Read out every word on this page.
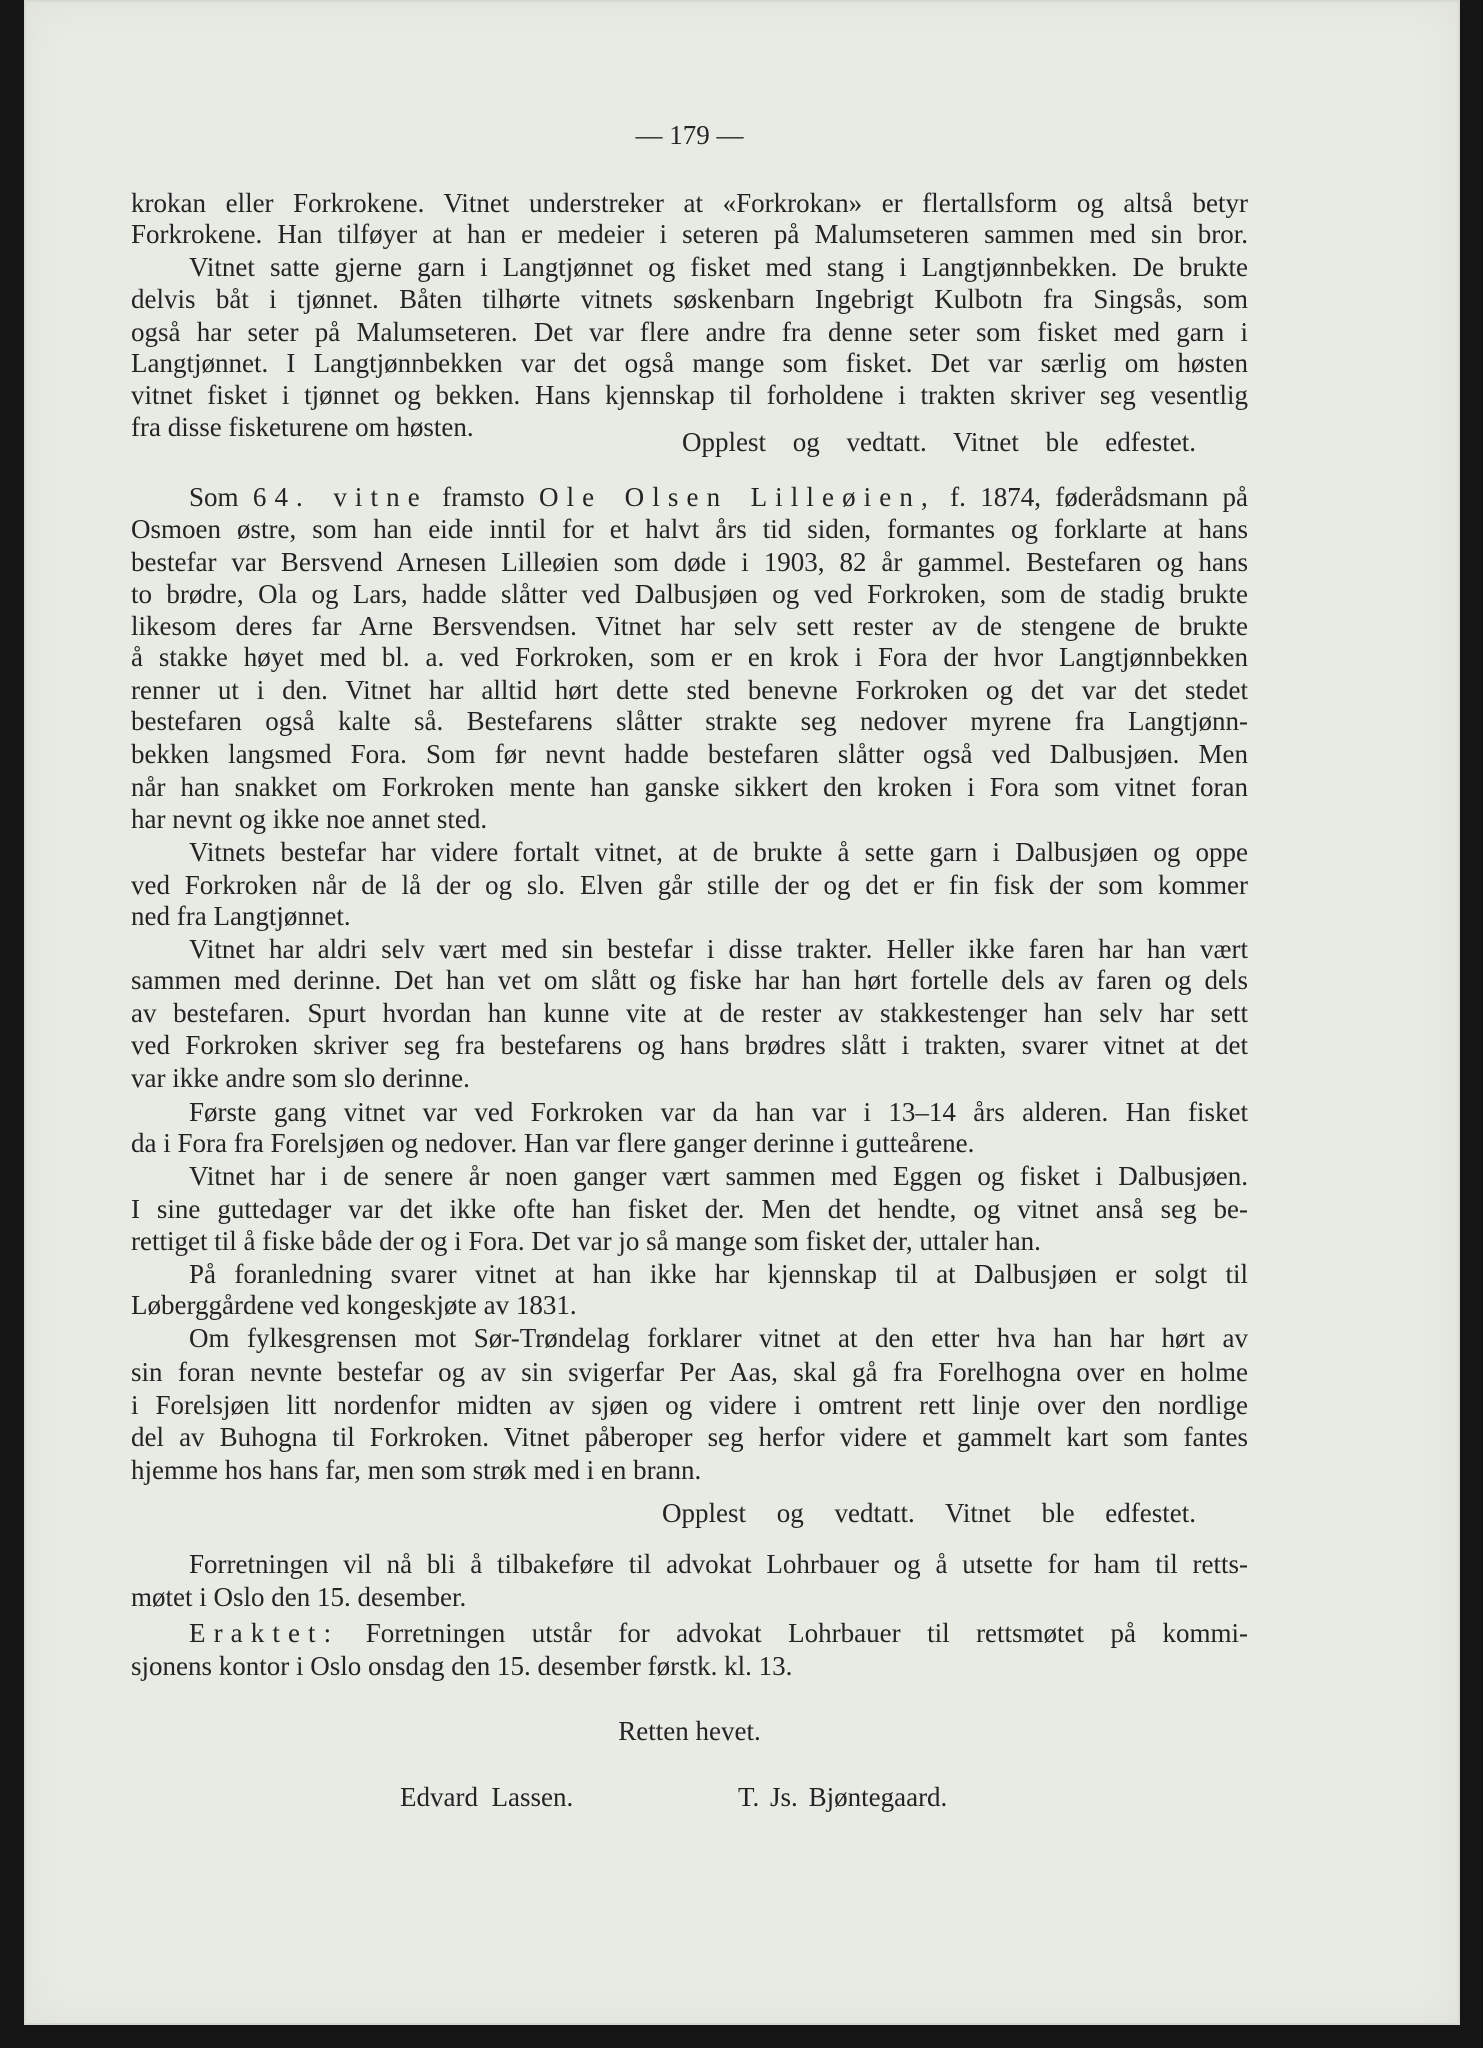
— 179 —
krokan eller Forkrokene. Vitnet understreker at «Forkrokan» er flertallsform og altså betyr
Forkrokene. Han tilføyer at han er medeier i seteren på Malumseteren sammen med sin bror.
Vitnet satte gjerne garn i Langtjønnet og fisket med stang i Langtjønnbekken. De brukte
delvis båt i tjønnet. Båten tilhørte vitnets søskenbarn Ingebrigt Kulbotn fra Singsås, som
også har seter på Malumseteren. Det var flere andre fra denne seter som fisket med garn i
Langtjønnet. I Langtjønnbekken var det også mange som fisket. Det var særlig om høsten
vitnet fisket i tjønnet og bekken. Hans kjennskap til forholdene i trakten skriver seg vesentlig
fra disse fisketurene om høsten.	Opplest og vedtatt. Vitnet ble edfestet.
Som 64. vitne framsto Ole Olsen Lilleøien, f. 1874, føderådsmann på
Osmoen østre, som han eide inntil for et halvt års tid siden, formantes og forklarte at hans
bestefar var Bersvend Arnesen Lilleøien som døde i 1903, 82 år gammel. Bestefaren og hans
to brødre, Ola og Lars, hadde slåtter ved Dalbusjøen og ved Forkroken, som de stadig brukte
likesom deres far Arne Bersvendsen. Vitnet har selv sett rester av de stengene de brukte
å stakke høyet med bl. a. ved Forkroken, som er en krok i Fora der hvor Langtjønnbekken
renner ut i den. Vitnet har alltid hørt dette sted benevne Forkroken og det var det stedet
bestefaren også kalte så. Bestefarens slåtter strakte seg nedover myrene fra Langtjønn-
bekken langsmed Fora. Som før nevnt hadde bestefaren slåtter også ved Dalbusjøen. Men
når han snakket om Forkroken mente han ganske sikkert den kroken i Fora som vitnet foran
har nevnt og ikke noe annet sted.
Vitnets bestefar har videre fortalt vitnet, at de brukte å sette garn i Dalbusjøen og oppe
ved Forkroken når de lå der og slo. Elven går stille der og det er fin fisk der som kommer
ned fra Langtjønnet.
Vitnet har aldri selv vært med sin bestefar i disse trakter. Heller ikke faren har han vært
sammen med derinne. Det han vet om slått og fiske har han hørt fortelle dels av faren og dels
av bestefaren. Spurt hvordan han kunne vite at de rester av stakkestenger han selv har sett
ved Forkroken skriver seg fra bestefarens og hans brødres slått i trakten, svarer vitnet at det
var ikke andre som slo derinne.
Første gang vitnet var ved Forkroken var da han var i 13–14 års alderen. Han fisket
da i Fora fra Forelsjøen og nedover. Han var flere ganger derinne i gutteårene.
Vitnet har i de senere år noen ganger vært sammen med Eggen og fisket i Dalbusjøen.
I sine guttedager var det ikke ofte han fisket der. Men det hendte, og vitnet anså seg be-
rettiget til å fiske både der og i Fora. Det var jo så mange som fisket der, uttaler han.
På foranledning svarer vitnet at han ikke har kjennskap til at Dalbusjøen er solgt til
Løberggårdene ved kongeskjøte av 1831.
Om fylkesgrensen mot Sør-Trøndelag forklarer vitnet at den etter hva han har hørt av
sin foran nevnte bestefar og av sin svigerfar Per Aas, skal gå fra Forelhogna over en holme
i Forelsjøen litt nordenfor midten av sjøen og videre i omtrent rett linje over den nordlige
del av Buhogna til Forkroken. Vitnet påberoper seg herfor videre et gammelt kart som fantes
hjemme hos hans far, men som strøk med i en brann.
Opplest og vedtatt. Vitnet ble edfestet.
Forretningen vil nå bli å tilbakeføre til advokat Lohrbauer og å utsette for ham til retts-
møtet i Oslo den 15. desember.
Eraktet: Forretningen utstår for advokat Lohrbauer til rettsmøtet på kommi-
sjonens kontor i Oslo onsdag den 15. desember førstk. kl. 13.
Retten hevet.
Edvard Lassen.	T. Js. Bjøntegaard.
